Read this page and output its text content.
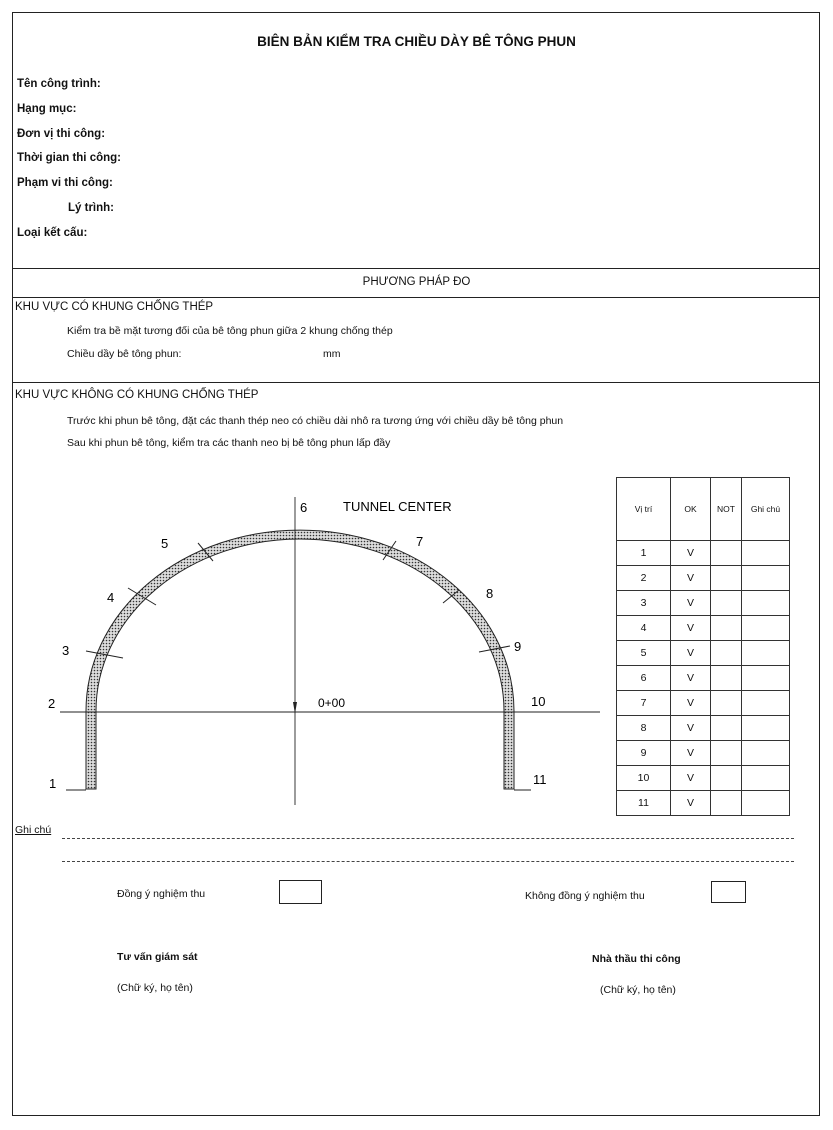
BIÊN BẢN KIỂM TRA CHIỀU DÀY BÊ TÔNG PHUN
Tên công trình:
Hạng mục:
Đơn vị thi công:
Thời gian thi công:
Phạm vi thi công:
Lý trình:
Loại kết cấu:
PHƯƠNG PHÁP ĐO
KHU VỰC CÓ KHUNG CHỐNG THÉP
Kiểm tra bề mặt tương đối của bê tông phun giữa 2 khung chống thép
Chiều dầy bê tông phun:	mm
KHU VỰC KHÔNG CÓ KHUNG CHỐNG THÉP
Trước khi phun bê tông, đặt các thanh thép neo có chiều dài nhô ra tương ứng với chiều dầy bê tông phun
Sau khi phun bê tông, kiểm tra các thanh neo bị bê tông phun lấp đầy
1
2
3
4
5
6
7
8
9
10
11
TUNNEL CENTER
0+00
Vị trí	OK	NOT	Ghi chú
1	V		
2	V		
3	V		
4	V		
5	V		
6	V		
7	V		
8	V		
9	V		
10	V		
11	V		
Ghi chú
Đồng ý nghiệm thu	Không đồng ý nghiệm thu
Tư vấn giám sát
(Chữ ký, họ tên)
Nhà thầu thi công
(Chữ ký, họ tên)
